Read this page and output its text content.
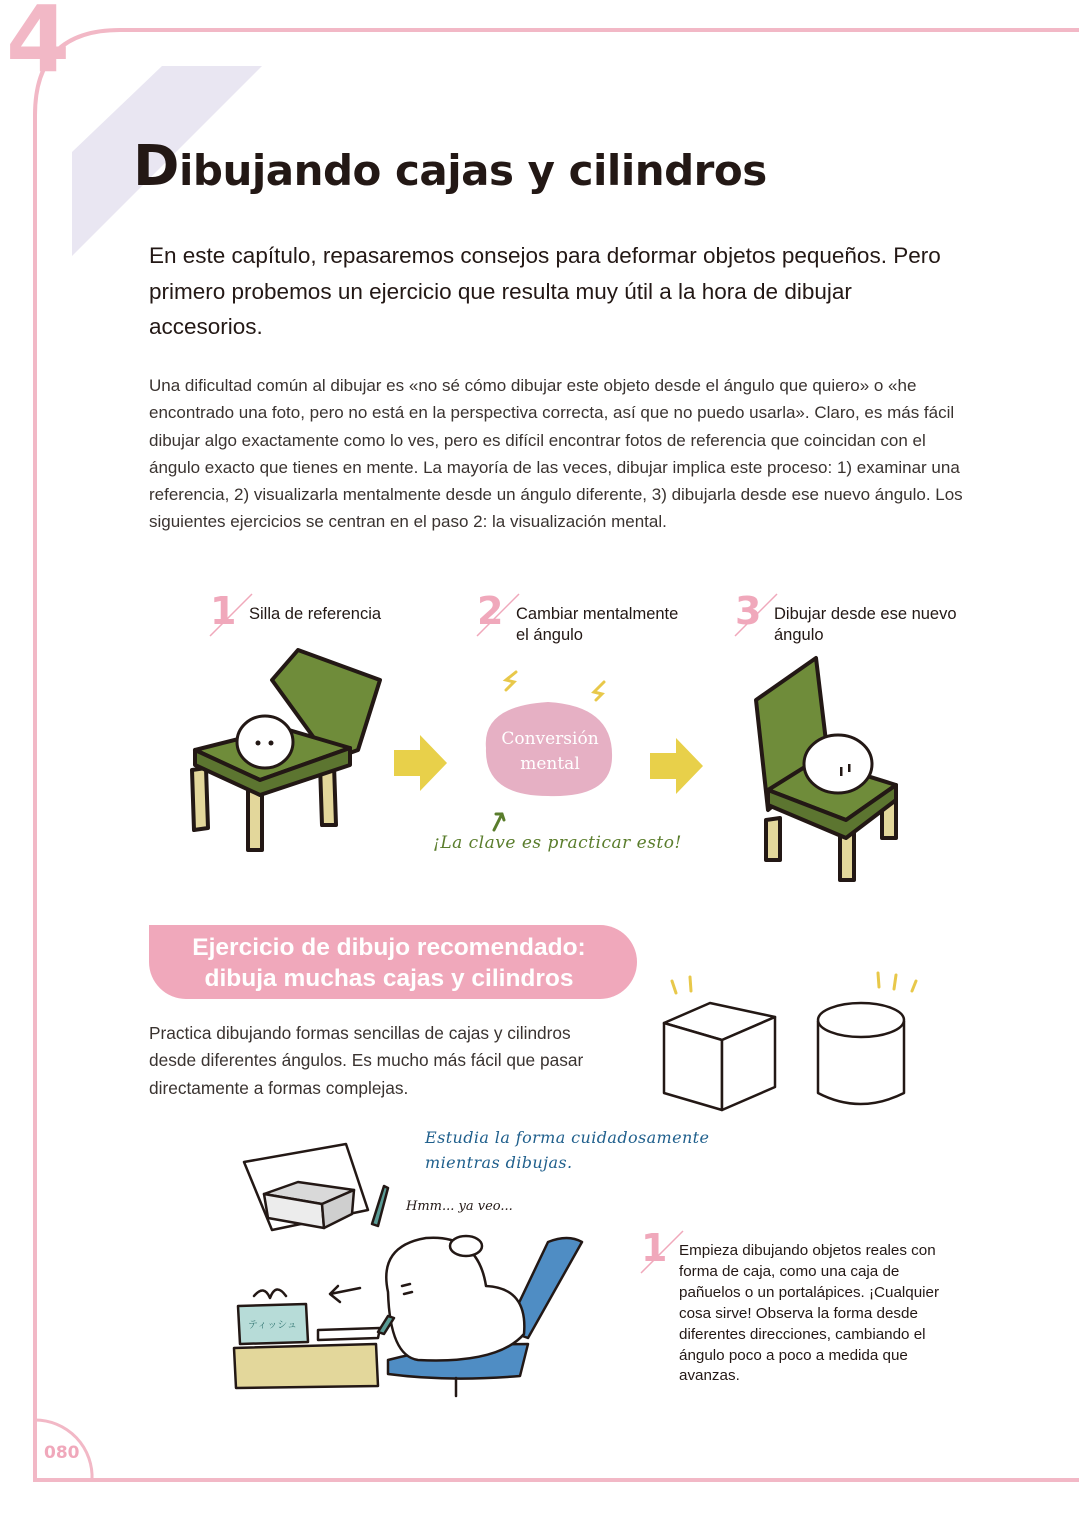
4
Dibujando cajas y cilindros
En este capítulo, repasaremos consejos para deformar objetos pequeños. Pero primero probemos un ejercicio que resulta muy útil a la hora de dibujar accesorios.
Una dificultad común al dibujar es «no sé cómo dibujar este objeto desde el ángulo que quiero» o «he encontrado una foto, pero no está en la perspectiva correcta, así que no puedo usarla». Claro, es más fácil dibujar algo exactamente como lo ves, pero es difícil encontrar fotos de referencia que coincidan con el ángulo exacto que tienes en mente. La mayoría de las veces, dibujar implica este proceso: 1) examinar una referencia, 2) visualizarla mentalmente desde un ángulo diferente, 3) dibujarla desde ese nuevo ángulo. Los siguientes ejercicios se centran en el paso 2: la visualización mental.
1 Silla de referencia	2 Cambiar mentalmente
el ángulo
3 Dibujar desde ese nuevo
ángulo
Conversión
mental
¡La clave es practicar esto!
Ejercicio de dibujo recomendado:
dibuja muchas cajas y cilindros
Practica dibujando formas sencillas de cajas y cilindros desde diferentes ángulos. Es mucho más fácil que pasar directamente a formas complejas.
Estudia la forma cuidadosamente
mientras dibujas.
ティッシュ
Hmm... ya veo...
1 Empieza dibujando objetos reales con forma de caja, como una caja de pañuelos o un portalápices. ¡Cualquier cosa sirve! Observa la forma desde diferentes direcciones, cambiando el ángulo poco a poco a medida que avanzas.
080
